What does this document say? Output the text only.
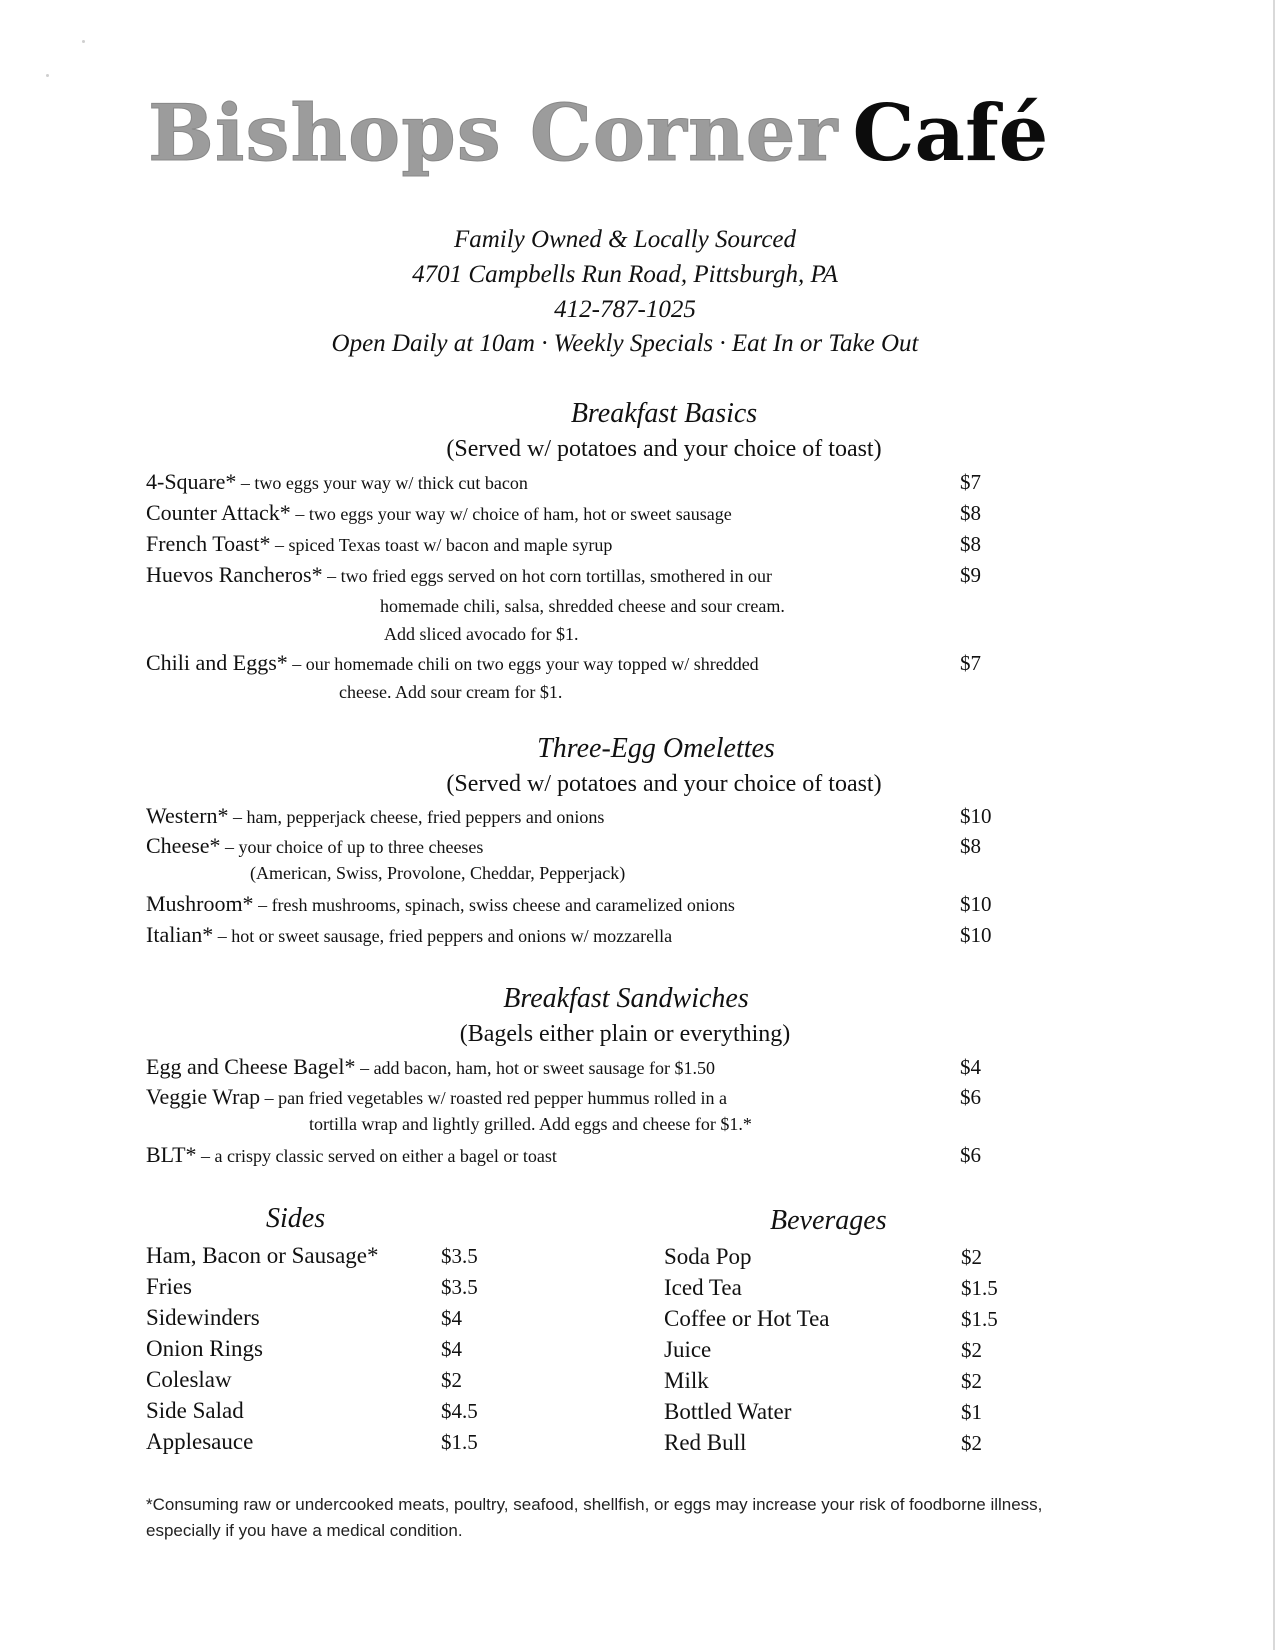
Bishops Corner Café
Family Owned & Locally Sourced
4701 Campbells Run Road, Pittsburgh, PA
412-787-1025
Open Daily at 10am · Weekly Specials · Eat In or Take Out
Breakfast Basics
(Served w/ potatoes and your choice of toast)
4-Square* – two eggs your way w/ thick cut bacon	$7
Counter Attack* – two eggs your way w/ choice of ham, hot or sweet sausage	$8
French Toast* – spiced Texas toast w/ bacon and maple syrup	$8
Huevos Rancheros* – two fried eggs served on hot corn tortillas, smothered in our	$9
homemade chili, salsa, shredded cheese and sour cream.
Add sliced avocado for $1.
Chili and Eggs* – our homemade chili on two eggs your way topped w/ shredded	$7
cheese. Add sour cream for $1.
Three-Egg Omelettes
(Served w/ potatoes and your choice of toast)
Western* – ham, pepperjack cheese, fried peppers and onions	$10
Cheese* – your choice of up to three cheeses	$8
(American, Swiss, Provolone, Cheddar, Pepperjack)
Mushroom* – fresh mushrooms, spinach, swiss cheese and caramelized onions	$10
Italian* – hot or sweet sausage, fried peppers and onions w/ mozzarella	$10
Breakfast Sandwiches
(Bagels either plain or everything)
Egg and Cheese Bagel* – add bacon, ham, hot or sweet sausage for $1.50	$4
Veggie Wrap – pan fried vegetables w/ roasted red pepper hummus rolled in a	$6
tortilla wrap and lightly grilled. Add eggs and cheese for $1.*
BLT* – a crispy classic served on either a bagel or toast	$6
Sides
Ham, Bacon or Sausage*	$3.5
Fries	$3.5
Sidewinders	$4
Onion Rings	$4
Coleslaw	$2
Side Salad	$4.5
Applesauce	$1.5
Beverages
Soda Pop	$2
Iced Tea	$1.5
Coffee or Hot Tea	$1.5
Juice	$2
Milk	$2
Bottled Water	$1
Red Bull	$2
*Consuming raw or undercooked meats, poultry, seafood, shellfish, or eggs may increase your risk of foodborne illness, especially if you have a medical condition.
